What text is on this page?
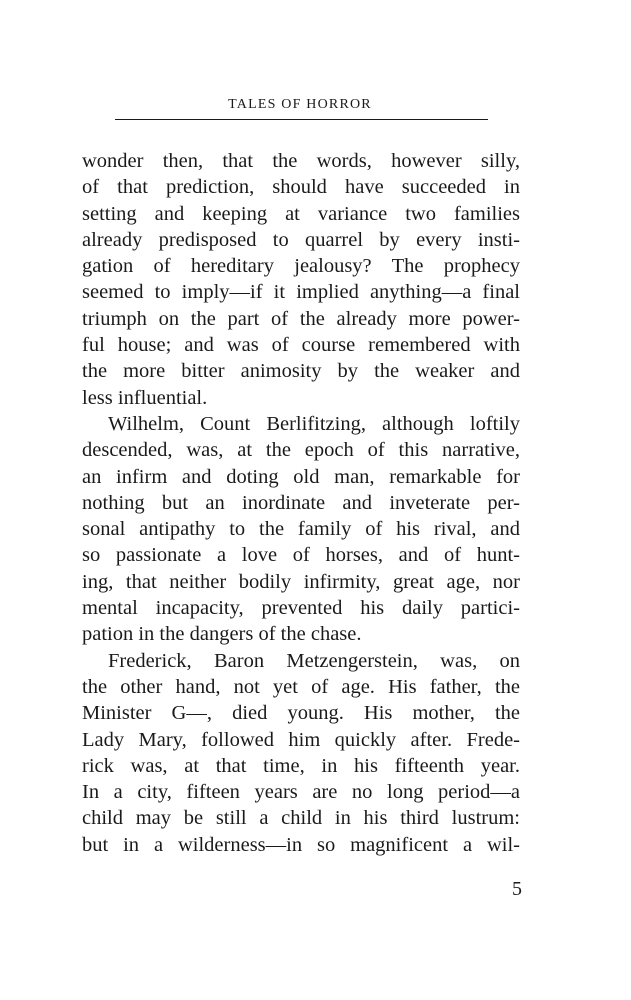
TALES OF HORROR
wonder then, that the words, however silly,
of that prediction, should have succeeded in
setting and keeping at variance two families
already predisposed to quarrel by every insti-
gation of hereditary jealousy? The prophecy
seemed to imply—if it implied anything—a final
triumph on the part of the already more power-
ful house; and was of course remembered with
the more bitter animosity by the weaker and
less influential.
Wilhelm, Count Berlifitzing, although loftily
descended, was, at the epoch of this narrative,
an infirm and doting old man, remarkable for
nothing but an inordinate and inveterate per-
sonal antipathy to the family of his rival, and
so passionate a love of horses, and of hunt-
ing, that neither bodily infirmity, great age, nor
mental incapacity, prevented his daily partici-
pation in the dangers of the chase.
Frederick, Baron Metzengerstein, was, on
the other hand, not yet of age. His father, the
Minister G—, died young. His mother, the
Lady Mary, followed him quickly after. Frede-
rick was, at that time, in his fifteenth year.
In a city, fifteen years are no long period—a
child may be still a child in his third lustrum:
but in a wilderness—in so magnificent a wil-
5
